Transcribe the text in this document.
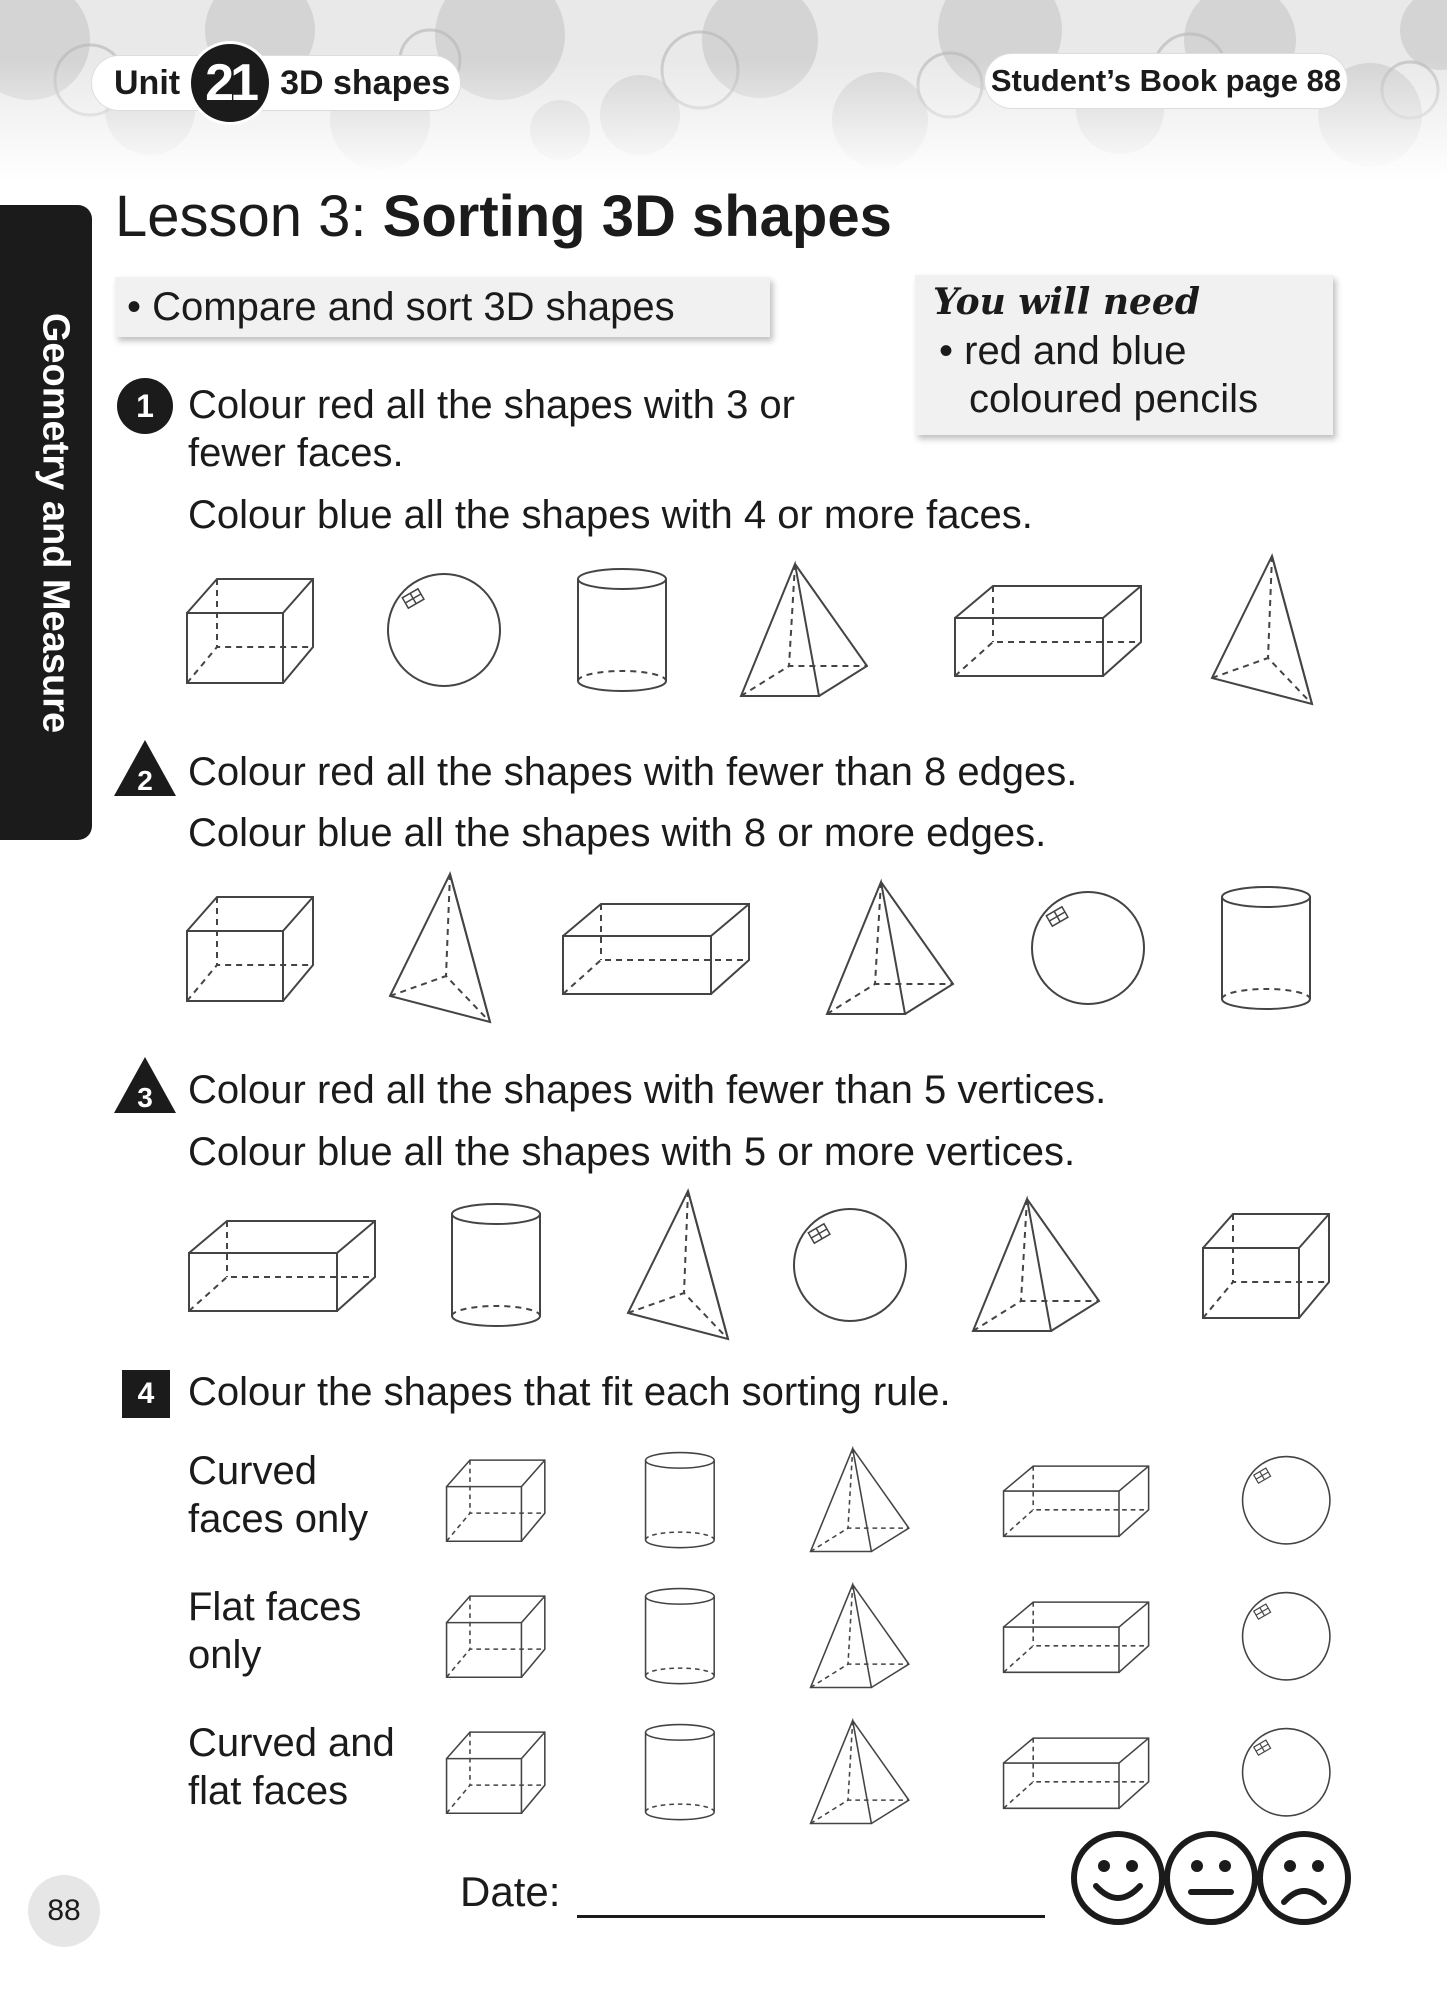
Unit 21 3D shapes	Student’s Book page 88
Geometry and Measure
Lesson 3: Sorting 3D shapes
• Compare and sort 3D shapes	You will need
• red and blue
coloured pencils
1 Colour red all the shapes with 3 or
fewer faces.
Colour blue all the shapes with 4 or more faces.
2 Colour red all the shapes with fewer than 8 edges.
Colour blue all the shapes with 8 or more edges.
3 Colour red all the shapes with fewer than 5 vertices.
Colour blue all the shapes with 5 or more vertices.
4 Colour the shapes that fit each sorting rule.
Curved
faces only
Flat faces
only
Curved and
flat faces
88	Date:
